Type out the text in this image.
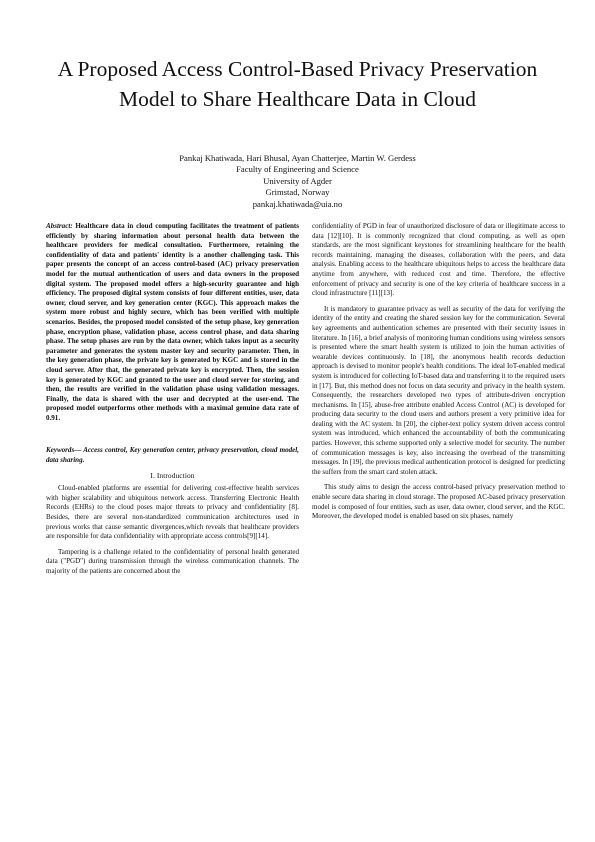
A Proposed Access Control-Based Privacy Preservation Model to Share Healthcare Data in Cloud
Pankaj Khatiwada, Hari Bhusal, Ayan Chatterjee, Martin W. Gerdess
Faculty of Engineering and Science
University of Agder
Grimstad, Norway
pankaj.khatiwada@uia.no

Abstract: Healthcare data in cloud computing facilitates the treatment of patients efficiently by sharing information about personal health data between the healthcare providers for medical consultation. Furthermore, retaining the confidentiality of data and patients' identity is a another challenging task. This paper presents the concept of an access control-based (AC) privacy preservation model for the mutual authentication of users and data owners in the proposed digital system. The proposed model offers a high-security guarantee and high efficiency. The proposed digital system consists of four different entities, user, data owner, cloud server, and key generation center (KGC). This approach makes the system more robust and highly secure, which has been verified with multiple scenarios. Besides, the proposed model consisted of the setup phase, key generation phase, encryption phase, validation phase, access control phase, and data sharing phase. The setup phases are run by the data owner, which takes input as a security parameter and generates the system master key and security parameter. Then, in the key generation phase, the private key is generated by KGC and is stored in the cloud server. After that, the generated private key is encrypted. Then, the session key is generated by KGC and granted to the user and cloud server for storing, and then, the results are verified in the validation phase using validation messages. Finally, the data is shared with the user and decrypted at the user-end. The proposed model outperforms other methods with a maximal genuine data rate of 0.91.

Keywords— Access control, Key generation center, privacy preservation, cloud model, data sharing.

I. Introduction

Cloud-enabled platforms are essential for delivering cost-effective health services with higher scalability and ubiquitous network access. Transferring Electronic Health Records (EHRs) to the cloud poses major threats to privacy and confidentiality [8]. Besides, there are several non-standardized communication architectures used in previous works that cause semantic divergences,which reveals that healthcare providers are responsible for data confidentiality with appropriate access controls[9][14].

Tampering is a challenge related to the confidentiality of personal health generated data ("PGD") during transmission through the wireless communication channels. The majority of the patients are concerned about the

confidentiality of PGD in fear of unauthorized disclosure of data or illegitimate access to data [12][10]. It is commonly recognized that cloud computing, as well as open standards, are the most significant keystones for streamlining healthcare for the health records maintaining, managing the diseases, collaboration with the peers, and data analysis. Enabling access to the healthcare ubiquitous helps to access the healthcare data anytime from anywhere, with reduced cost and time. Therefore, the effective enforcement of privacy and security is one of the key criteria of healthcare success in a cloud infrastructure [11][13].

It is mandatory to guarantee privacy as well as security of the data for verifying the identity of the entity and creating the shared session key for the communication. Several key agreements and authentication schemes are presented with their security issues in literature. In [16], a brief analysis of monitoring human conditions using wireless sensors is presented where the smart health system is utilized to join the human activities of wearable devices continuously. In [18], the anonymous health records deduction approach is devised to monitor people's health conditions. The ideal IoT-enabled medical system is introduced for collecting IoT-based data and transferring it to the required users in [17]. But, this method does not focus on data security and privacy in the health system. Consequently, the researchers developed two types of attribute-driven encryption mechanisms. In [15], abuse-free attribute enabled Access Control (AC) is developed for producing data security to the cloud users and authors present a very primitive idea for dealing with the AC system. In [20], the cipher-text policy system driven access control system was introduced, which enhanced the accountability of both the communicating parties. However, this scheme supported only a selective model for security. The number of communication messages is key, also increasing the overhead of the transmitting messages. In [19], the previous medical authentication protocol is designed for predicting the suffers from the smart card stolen attack.

This study aims to design the access control-based privacy preservation method to enable secure data sharing in cloud storage. The proposed AC-based privacy preservation model is composed of four entities, such as user, data owner, cloud server, and the KGC. Moreover, the developed model is enabled based on six phases, namely
